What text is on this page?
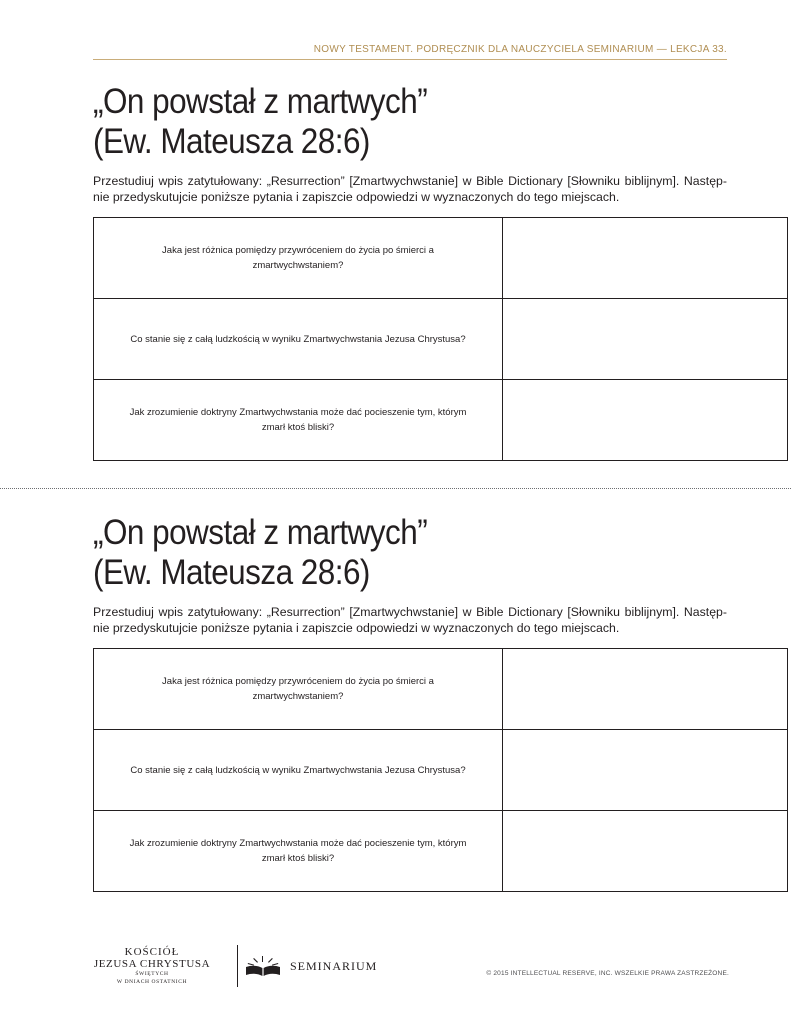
NOWY TESTAMENT. PODRĘCZNIK DLA NAUCZYCIELA SEMINARIUM — LEKCJA 33.
„On powstał z martwych”
(Ew. Mateusza 28:6)

Przestudiuj wpis zatytułowany: „Resurrection” [Zmartwychwstanie] w Bible Dictionary [Słowniku biblijnym]. Następ-nie przedyskutujcie poniższe pytania i zapiszcie odpowiedzi w wyznaczonych do tego miejscach.

Jaka jest różnica pomiędzy przywróceniem do życia po śmierci a zmartwychwstaniem?	
Co stanie się z całą ludzkością w wyniku Zmartwychwstania Jezusa Chrystusa?	
Jak zrozumienie doktryny Zmartwychwstania może dać pocieszenie tym, którym zmarł ktoś bliski?	
„On powstał z martwych”
(Ew. Mateusza 28:6)

Przestudiuj wpis zatytułowany: „Resurrection” [Zmartwychwstanie] w Bible Dictionary [Słowniku biblijnym]. Następ-nie przedyskutujcie poniższe pytania i zapiszcie odpowiedzi w wyznaczonych do tego miejscach.

Jaka jest różnica pomiędzy przywróceniem do życia po śmierci a zmartwychwstaniem?	
Co stanie się z całą ludzkością w wyniku Zmartwychwstania Jezusa Chrystusa?	
Jak zrozumienie doktryny Zmartwychwstania może dać pocieszenie tym, którym zmarł ktoś bliski?	
KOŚCIÓŁ
JEZUSA CHRYSTUSA
ŚWIĘTYCH
W DNIACH OSTATNICH
SEMINARIUM
© 2015 INTELLECTUAL RESERVE, INC. WSZELKIE PRAWA ZASTRZEŻONE.
